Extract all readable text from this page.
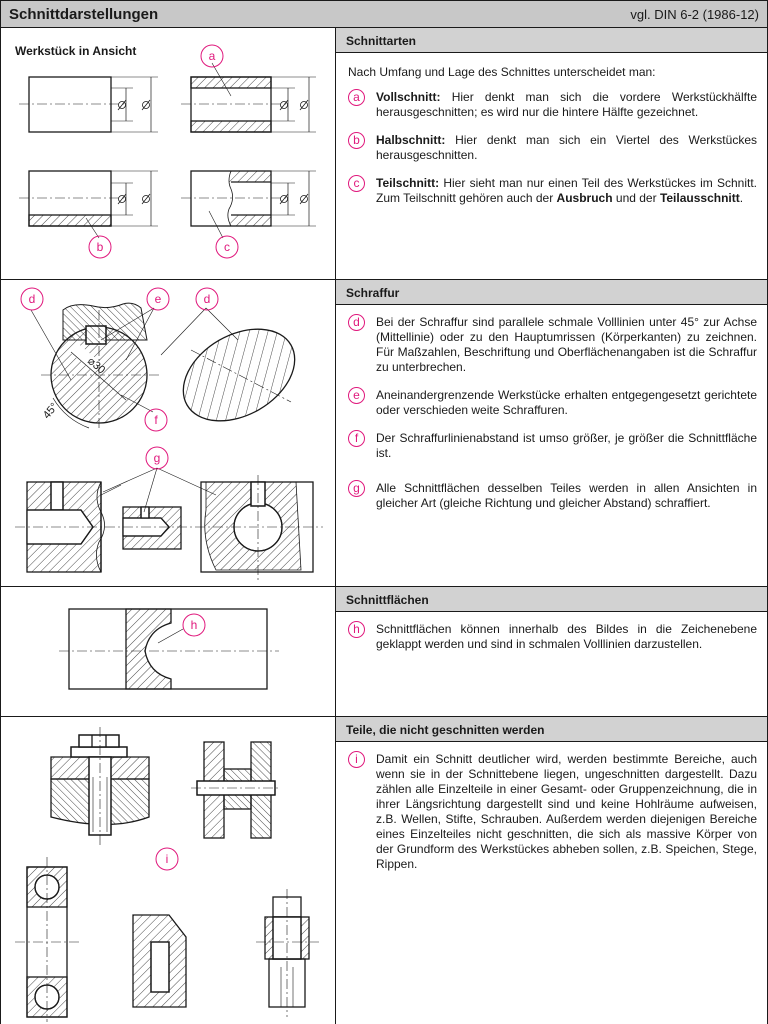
Schnittdarstellungen	vgl. DIN 6-2 (1986-12)
Werkstück in Ansicht	a
b	c
Schnittarten
Nach Umfang und Lage des Schnittes unterscheidet man:
a	Vollschnitt: Hier denkt man sich die vordere Werkstückhälfte herausgeschnitten; es wird nur die hintere Hälfte gezeichnet.
b	Halbschnitt: Hier denkt man sich ein Viertel des Werkstückes herausgeschnitten.
c	Teilschnitt: Hier sieht man nur einen Teil des Werkstückes im Schnitt. Zum Teilschnitt gehören auch der Ausbruch und der Teilausschnitt.
⌀30
45°
d	e	d
f
g
Schraffur
d	Bei der Schraffur sind parallele schmale Volllinien unter 45° zur Achse (Mittellinie) oder zu den Hauptumrissen (Körperkanten) zu zeichnen. Für Maßzahlen, Beschriftung und Oberflächenangaben ist die Schraffur zu unterbrechen.
e	Aneinandergrenzende Werkstücke erhalten entgegengesetzt gerichtete oder verschieden weite Schraffuren.
f	Der Schraffurlinienabstand ist umso größer, je größer die Schnittfläche ist.
g	Alle Schnittflächen desselben Teiles werden in allen Ansichten in gleicher Art (gleiche Richtung und gleicher Abstand) schraffiert.
h
Schnittflächen
h	Schnittflächen können innerhalb des Bildes in die Zeichenebene geklappt werden und sind in schmalen Volllinien darzustellen.
i
Teile, die nicht geschnitten werden
i	Damit ein Schnitt deutlicher wird, werden bestimmte Bereiche, auch wenn sie in der Schnittebene liegen, ungeschnitten dargestellt. Dazu zählen alle Einzelteile in einer Gesamt- oder Gruppenzeichnung, die in ihrer Längsrichtung dargestellt sind und keine Hohlräume aufweisen, z.B. Wellen, Stifte, Schrauben. Außerdem werden diejenigen Bereiche eines Einzelteiles nicht geschnitten, die sich als massive Körper von der Grundform des Werkstückes abheben sollen, z.B. Speichen, Stege, Rippen.
